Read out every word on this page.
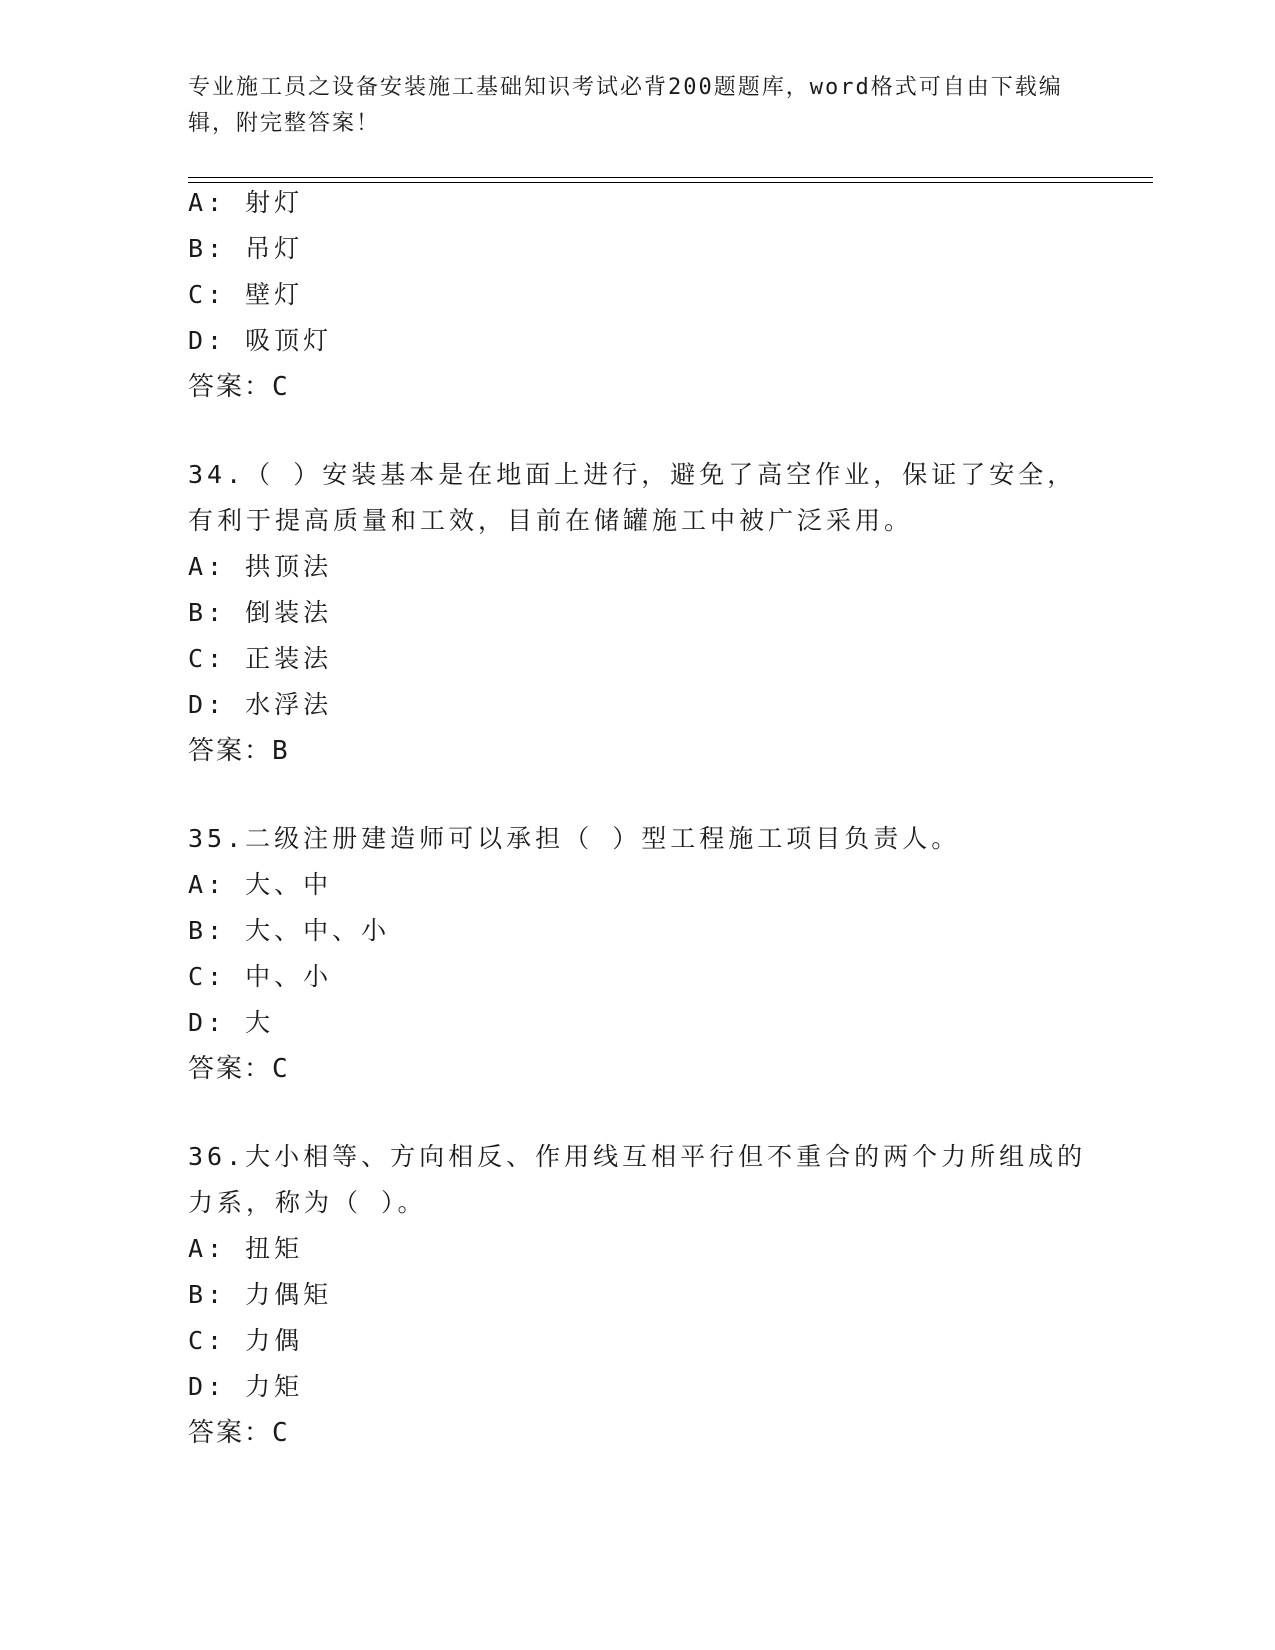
专业施工员之设备安装施工基础知识考试必背200题题库，word格式可自由下载编辑，附完整答案！
A: 射灯
B: 吊灯
C: 壁灯
D: 吸顶灯
答案：C
34.（ ）安装基本是在地面上进行，避免了高空作业，保证了安全，有利于提高质量和工效，目前在储罐施工中被广泛采用。
A: 拱顶法
B: 倒装法
C: 正装法
D: 水浮法
答案：B
35.二级注册建造师可以承担（ ）型工程施工项目负责人。
A: 大、中
B: 大、中、小
C: 中、小
D: 大
答案：C
36.大小相等、方向相反、作用线互相平行但不重合的两个力所组成的力系，称为（ ）。
A: 扭矩
B: 力偶矩
C: 力偶
D: 力矩
答案：C
